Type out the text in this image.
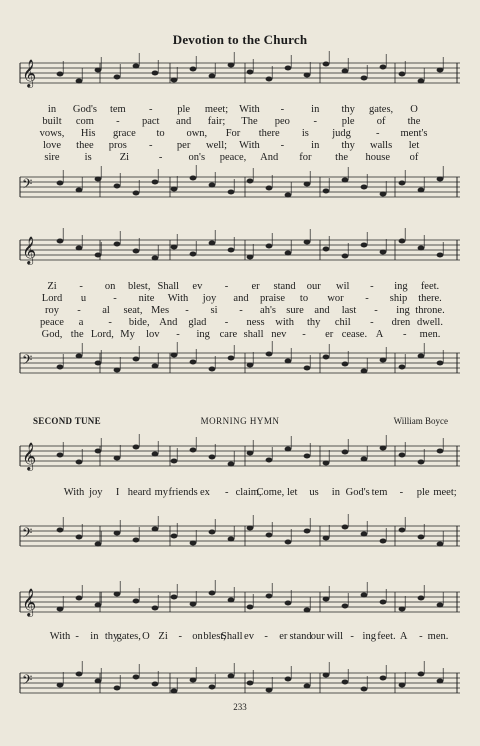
Devotion to the Church
𝄞
in God's tem - ple meet; With -	in thy gates, O
built com - pact and fair; The peo - ple of the
vows, His grace to own, For there is judg - ment's
love thee pros - per well; With -	in thy walls let
sire is	Zi	- on's peace, And for the house of
𝄢
𝄞
Zi - on blest, Shall ev - er stand our wil - ing feet.
Lord u	- nite With joy and praise to wor - ship there.
roy - al seat, Mes - si - ah's sure and last - ing throne.
peace a - bide, And glad - ness with thy chil - dren dwell.
God, the Lord, My lov - ing care shall nev - er cease. A - men.
𝄢
SECOND TUNE	MORNING HYMN	William Boyce
𝄞
With joy I heard my friends ex - claim,
Come, let us in God's tem - ple meet;
𝄢
𝄞
With - in thy
gates, O Zi - on blest,
Shall ev - er stand our will - ing feet. A - men.
𝄢
233
